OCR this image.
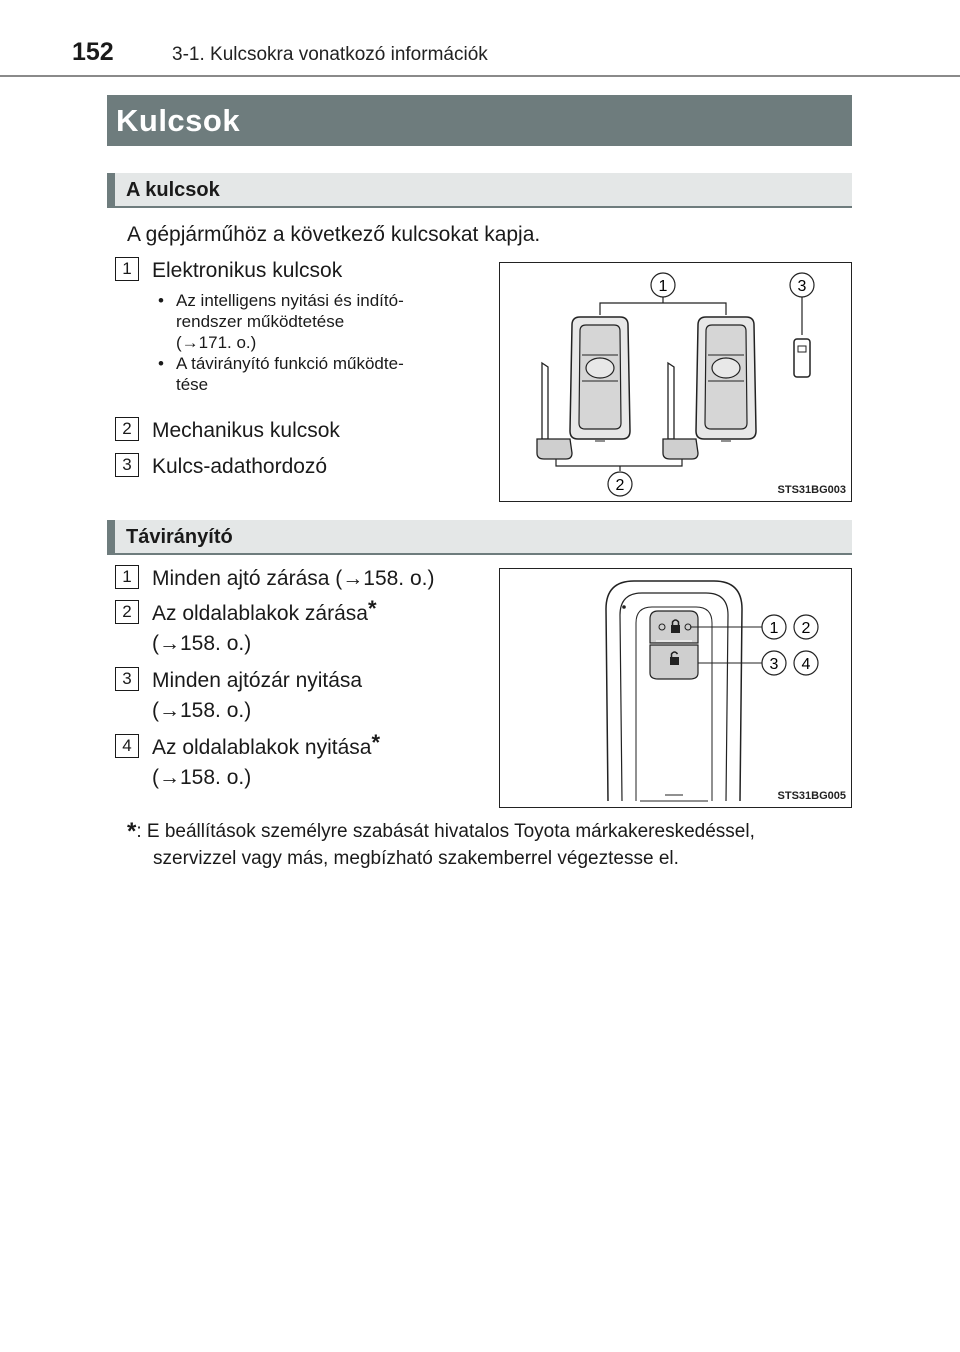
152	3-1. Kulcsokra vonatkozó információk
Kulcsok
A kulcsok
A gépjárműhöz a következő kulcsokat kapja.
1 Elektronikus kulcsok
• Az intelligens nyitási és indító-
rendszer működtetése
(→171. o.)
• A távirányító funkció működte-
tése
2 Mechanikus kulcsok
3 Kulcs-adathordozó
1	3
2	STS31BG003
Távirányító
1 Minden ajtó zárása (→158. o.)
2 Az oldalablakok zárása*
(→158. o.)
3 Minden ajtózár nyitása
(→158. o.)
4 Az oldalablakok nyitása*
(→158. o.)
1 2
3 4
STS31BG005
*: E beállítások személyre szabását hivatalos Toyota márkakereskedéssel,
szervizzel vagy más, megbízható szakemberrel végeztesse el.
